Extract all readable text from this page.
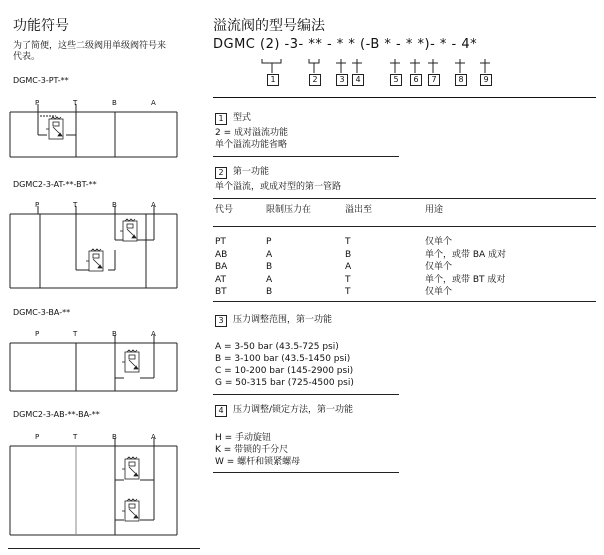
功能符号
为了简便，这些二级阀用单级阀符号来
代表。
DGMC-3-PT-**
DGMC2-3-AT-**-BT-**
DGMC-3-BA-**
DGMC2-3-AB-**-BA-**
P	T	B	A
P	T	B	A
P	T	B	A
P	T	B	A
溢流阀的型号编法
DGMC (2) -3- ** - * * (-B * - * *)- * - 4*
1	2	3	4	5	6	7	8	9
1	型式
2 = 成对溢流功能
单个溢流功能省略
2	第一功能
单个溢流，或成对型的第一管路
代号	限制压力在	溢出至	用途
PT	P	T	仅单个
AB	A	B	单个，或带 BA 成对
BA	B	A	仅单个
AT	A	T	单个，或带 BT 成对
BT	B	T	仅单个
3	压力调整范围，第一功能
A = 3-50 bar (43.5-725 psi)
B = 3-100 bar (43.5-1450 psi)
C = 10-200 bar (145-2900 psi)
G = 50-315 bar (725-4500 psi)
4	压力调整/锁定方法，第一功能
H = 手动旋钮
K = 带锁的千分尺
W = 螺杆和锁紧螺母
